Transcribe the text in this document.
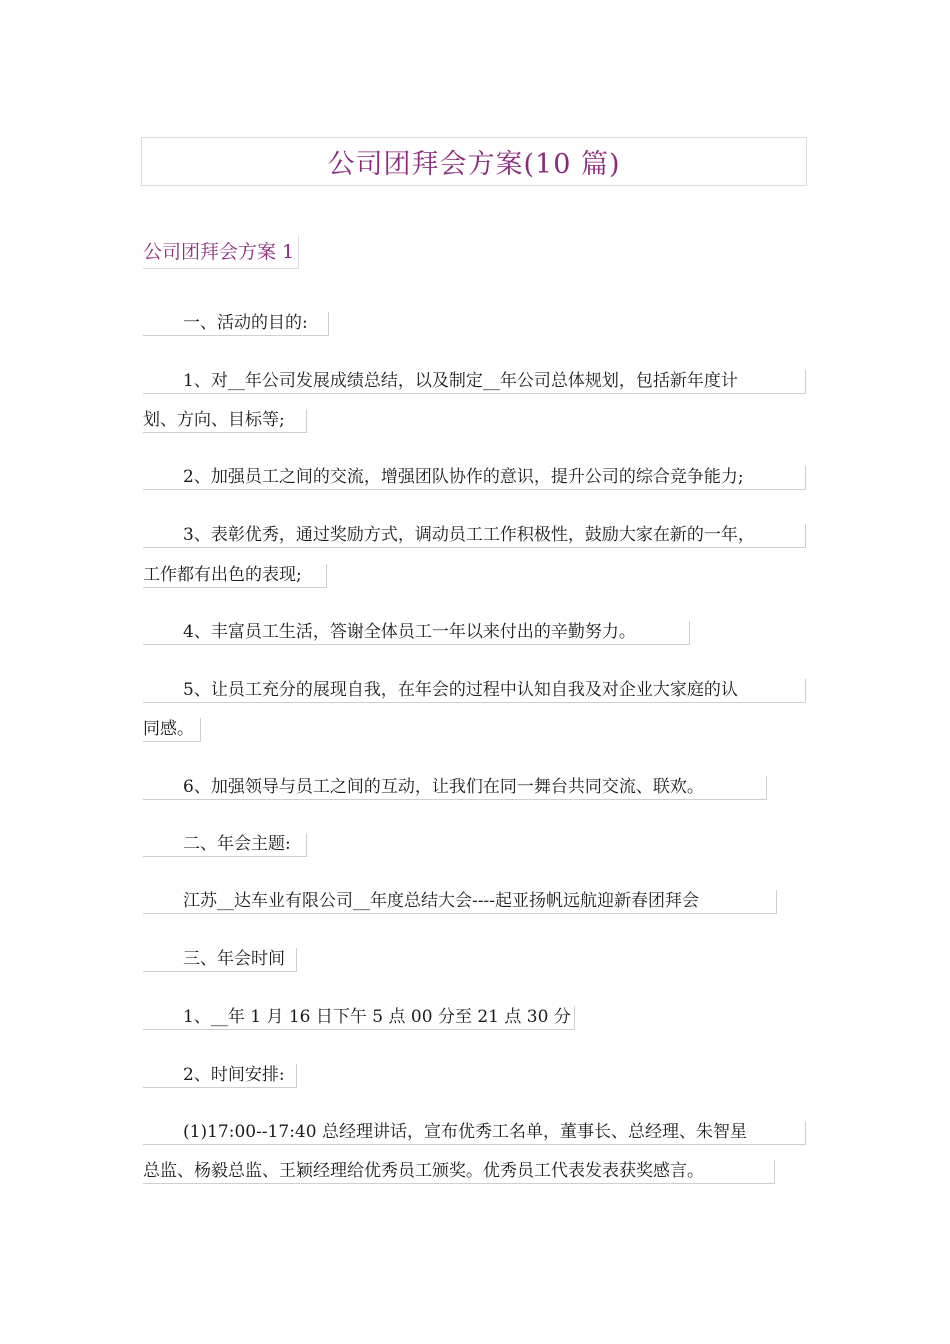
公司团拜会方案(10 篇)
公司团拜会方案 1
一、活动的目的:
1、对__年公司发展成绩总结，以及制定__年公司总体规划，包括新年度计
划、方向、目标等;
2、加强员工之间的交流，增强团队协作的意识，提升公司的综合竞争能力;
3、表彰优秀，通过奖励方式，调动员工工作积极性，鼓励大家在新的一年，
工作都有出色的表现;
4、丰富员工生活，答谢全体员工一年以来付出的辛勤努力。
5、让员工充分的展现自我，在年会的过程中认知自我及对企业大家庭的认
同感。
6、加强领导与员工之间的互动，让我们在同一舞台共同交流、联欢。
二、年会主题:
江苏__达车业有限公司__年度总结大会----起亚扬帆远航迎新春团拜会
三、年会时间
1、__年 1 月 16 日下午 5 点 00 分至 21 点 30 分
2、时间安排:
(1)17:00--17:40 总经理讲话，宣布优秀工名单，董事长、总经理、朱智星
总监、杨毅总监、王颖经理给优秀员工颁奖。优秀员工代表发表获奖感言。
